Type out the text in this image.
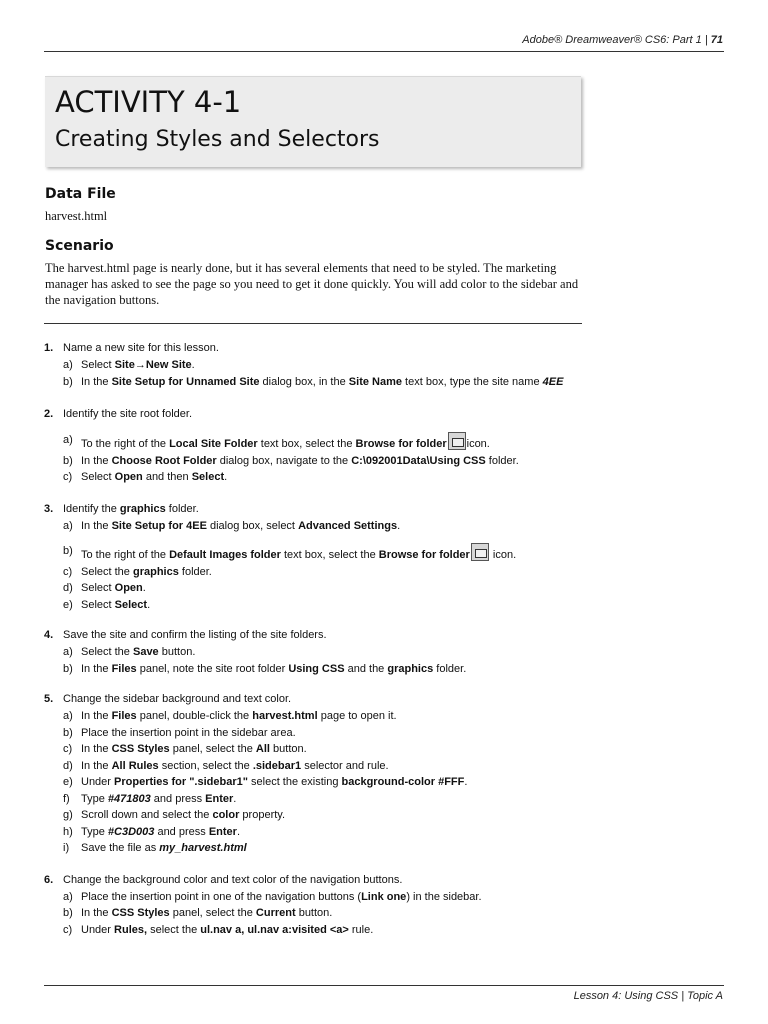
Adobe® Dreamweaver® CS6: Part 1 | 71
ACTIVITY 4-1
Creating Styles and Selectors
Data File
harvest.html
Scenario
The harvest.html page is nearly done, but it has several elements that need to be styled. The marketing manager has asked to see the page so you need to get it done quickly. You will add color to the sidebar and the navigation buttons.
1. Name a new site for this lesson.
a) Select Site→New Site.
b) In the Site Setup for Unnamed Site dialog box, in the Site Name text box, type the site name 4EE
2. Identify the site root folder.
a) To the right of the Local Site Folder text box, select the Browse for folder icon.
b) In the Choose Root Folder dialog box, navigate to the C:\092001Data\Using CSS folder.
c) Select Open and then Select.
3. Identify the graphics folder.
a) In the Site Setup for 4EE dialog box, select Advanced Settings.
b) To the right of the Default Images folder text box, select the Browse for folder icon.
c) Select the graphics folder.
d) Select Open.
e) Select Select.
4. Save the site and confirm the listing of the site folders.
a) Select the Save button.
b) In the Files panel, note the site root folder Using CSS and the graphics folder.
5. Change the sidebar background and text color.
a) In the Files panel, double-click the harvest.html page to open it.
b) Place the insertion point in the sidebar area.
c) In the CSS Styles panel, select the All button.
d) In the All Rules section, select the .sidebar1 selector and rule.
e) Under Properties for ".sidebar1" select the existing background-color #FFF.
f) Type #471803 and press Enter.
g) Scroll down and select the color property.
h) Type #C3D003 and press Enter.
i) Save the file as my_harvest.html
6. Change the background color and text color of the navigation buttons.
a) Place the insertion point in one of the navigation buttons (Link one) in the sidebar.
b) In the CSS Styles panel, select the Current button.
c) Under Rules, select the ul.nav a, ul.nav a:visited <a> rule.
Lesson 4: Using CSS | Topic A
